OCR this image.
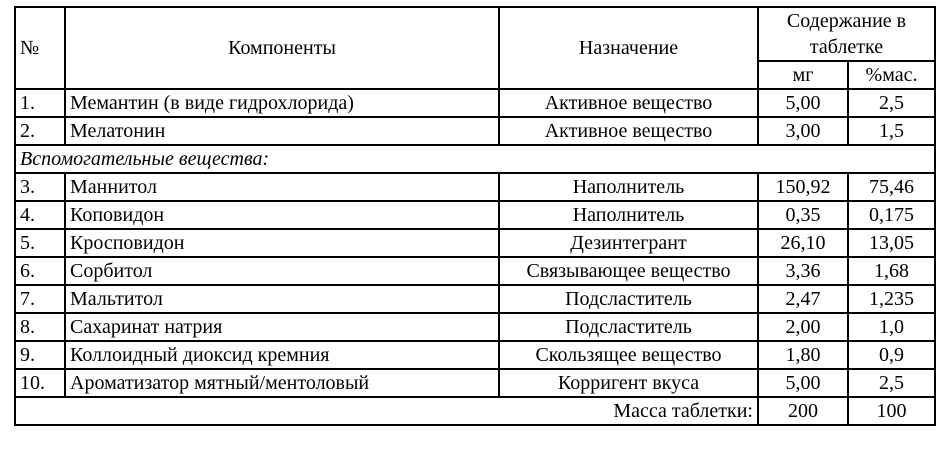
№	Компоненты	Назначение	Содержание в
таблетке	
			мг	%мас.
1.	Мемантин (в виде гидрохлорида)	Активное вещество	5,00	2,5
2.	Мелатонин	Активное вещество	3,00	1,5
Вспомогательные вещества:				
3.	Маннитол	Наполнитель	150,92	75,46
4.	Коповидон	Наполнитель	0,35	0,175
5.	Кросповидон	Дезинтегрант	26,10	13,05
6.	Сорбитол	Связывающее вещество	3,36	1,68
7.	Мальтитол	Подсластитель	2,47	1,235
8.	Сахаринат натрия	Подсластитель	2,00	1,0
9.	Коллоидный диоксид кремния	Скользящее вещество	1,80	0,9
10.	Ароматизатор мятный/ментоловый	Корригент вкуса	5,00	2,5
Масса таблетки:			200	100
